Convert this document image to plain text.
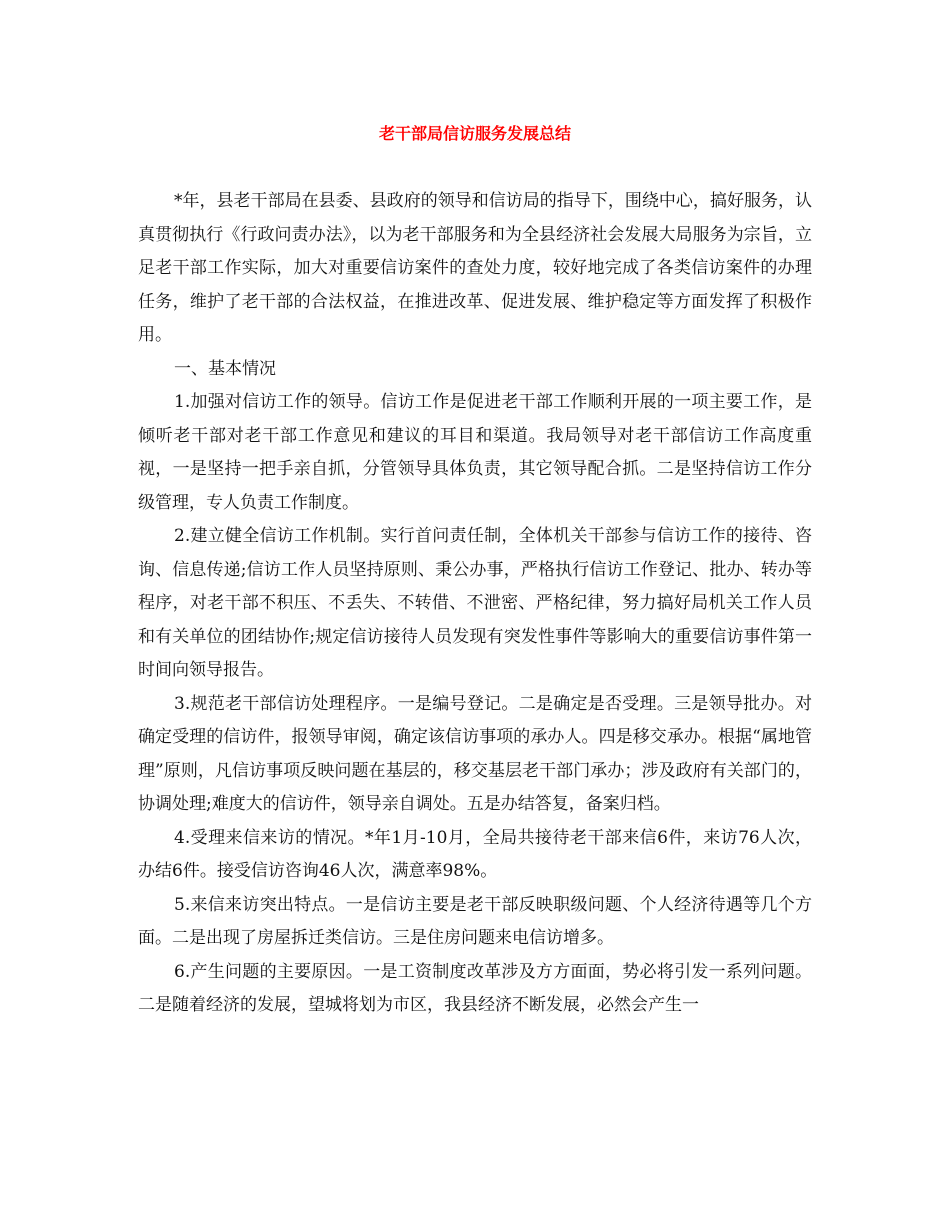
老干部局信访服务发展总结

*年，县老干部局在县委、县政府的领导和信访局的指导下，围绕中心，搞好服务，认真贯彻执行《行政问责办法》，以为老干部服务和为全县经济社会发展大局服务为宗旨，立足老干部工作实际，加大对重要信访案件的查处力度，较好地完成了各类信访案件的办理任务，维护了老干部的合法权益，在推进改革、促进发展、维护稳定等方面发挥了积极作用。

一、基本情况

1.加强对信访工作的领导。信访工作是促进老干部工作顺利开展的一项主要工作，是倾听老干部对老干部工作意见和建议的耳目和渠道。我局领导对老干部信访工作高度重视，一是坚持一把手亲自抓，分管领导具体负责，其它领导配合抓。二是坚持信访工作分级管理，专人负责工作制度。

2.建立健全信访工作机制。实行首问责任制，全体机关干部参与信访工作的接待、咨询、信息传递;信访工作人员坚持原则、秉公办事，严格执行信访工作登记、批办、转办等程序，对老干部不积压、不丢失、不转借、不泄密、严格纪律，努力搞好局机关工作人员和有关单位的团结协作;规定信访接待人员发现有突发性事件等影响大的重要信访事件第一时间向领导报告。

3.规范老干部信访处理程序。一是编号登记。二是确定是否受理。三是领导批办。对确定受理的信访件，报领导审阅，确定该信访事项的承办人。四是移交承办。根据“属地管理”原则，凡信访事项反映问题在基层的，移交基层老干部门承办；涉及政府有关部门的，协调处理;难度大的信访件，领导亲自调处。五是办结答复，备案归档。

4.受理来信来访的情况。*年1月-10月，全局共接待老干部来信6件，来访76人次，办结6件。接受信访咨询46人次，满意率98%。

5.来信来访突出特点。一是信访主要是老干部反映职级问题、个人经济待遇等几个方面。二是出现了房屋拆迁类信访。三是住房问题来电信访增多。

6.产生问题的主要原因。一是工资制度改革涉及方方面面，势必将引发一系列问题。二是随着经济的发展，望城将划为市区，我县经济不断发展，必然会产生一
